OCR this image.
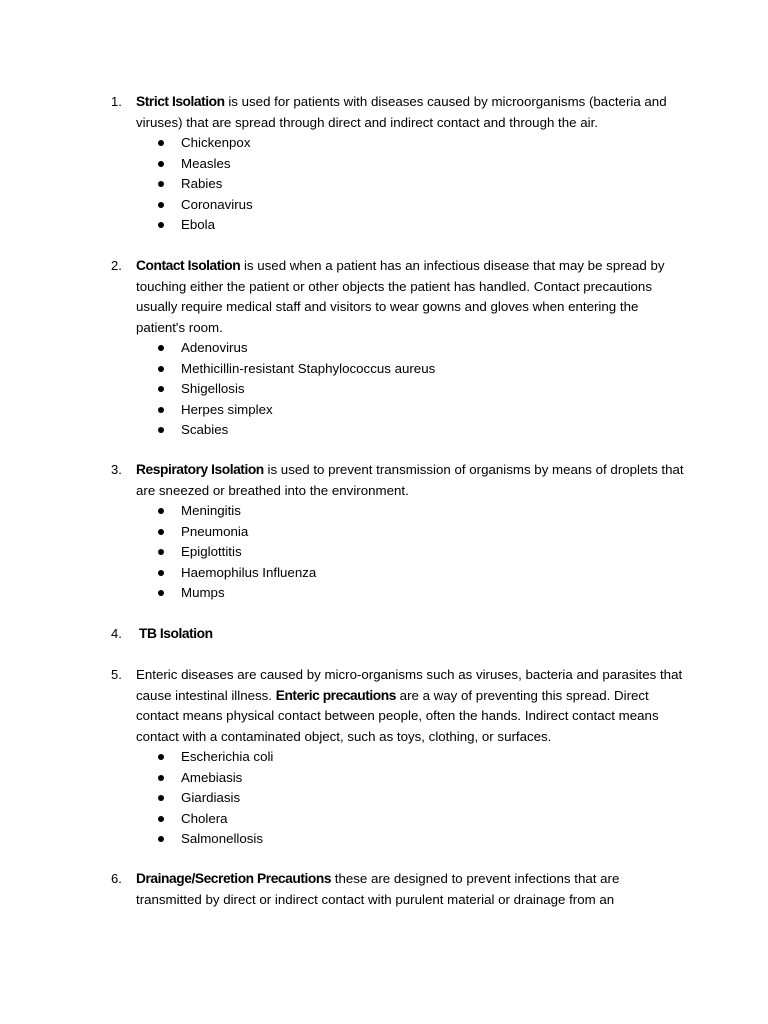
1.	Strict Isolation is used for patients with diseases caused by microorganisms (bacteria and viruses) that are spread through direct and indirect contact and through the air.

Chickenpox
Measles
Rabies
Coronavirus
Ebola
2.	Contact Isolation is used when a patient has an infectious disease that may be spread by touching either the patient or other objects the patient has handled. Contact precautions usually require medical staff and visitors to wear gowns and gloves when entering the patient's room.

Adenovirus
Methicillin-resistant Staphylococcus aureus
Shigellosis
Herpes simplex
Scabies
3.	Respiratory Isolation is used to prevent transmission of organisms by means of droplets that are sneezed or breathed into the environment.

Meningitis
Pneumonia
Epiglottitis
Haemophilus Influenza
Mumps
4.	TB Isolation

5.	Enteric diseases are caused by micro-organisms such as viruses, bacteria and parasites that cause intestinal illness. Enteric precautions are a way of preventing this spread. Direct contact means physical contact between people, often the hands. Indirect contact means contact with a contaminated object, such as toys, clothing, or surfaces.

Escherichia coli
Amebiasis
Giardiasis
Cholera
Salmonellosis
6.	Drainage/Secretion Precautions these are designed to prevent infections that are transmitted by direct or indirect contact with purulent material or drainage from an
